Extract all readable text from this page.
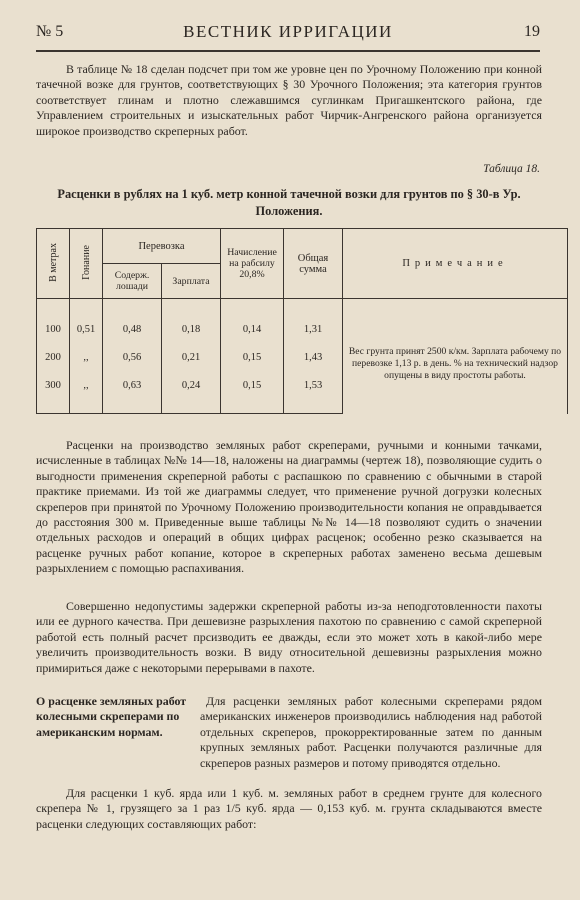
№ 5	ВЕСТНИК ИРРИГАЦИИ	19

В таблице № 18 сделан подсчет при том же уровне цен по Урочному Положению при конной тачечной возке для грунтов, соответствующих § 30 Урочного Положения; эта категория грунтов соответствует глинам и плотно слежавшимся суглинкам Пригашкентского района, где Управлением строительных и изыскательных работ Чирчик-Ангренского района организуется широкое производство скреперных работ.

Таблица 18.
Расценки в рублях на 1 куб. метр конной тачечной возки для грунтов по § 30-в Ур. Положения.
В метрах	Гонание	Перевозка		Начисление на рабсилу 20,8%	Общая сумма	Примечание
		Содерж. лошади	Зарплата			
100	0,51	0,48	0,18	0,14	1,31	Вес грунта принят 2500 к/км. Зарплата рабочему по перевозке 1,13 р. в день. % на технический надзор опущены в виду простоты работы.
200	,,	0,56	0,21	0,15	1,43	
300	,,	0,63	0,24	0,15	1,53	

Расценки на производство земляных работ скреперами, ручными и конными тачками, исчисленные в таблицах №№ 14—18, наложены на диаграммы (чертеж 18), позволяющие судить о выгодности применения скреперной работы с распашкою по сравнению с обычными в старой практике приемами. Из той же диаграммы следует, что применение ручной догрузки колесных скреперов при принятой по Урочному Положению производительности копания не оправдывается до расстояния 300 м. Приведенные выше таблицы №№ 14—18 позволяют судить о значении отдельных расходов и операций в общих цифрах расценок; особенно резко сказывается на расценке ручных работ копание, которое в скреперных работах заменено весьма дешевым разрыхлением с помощью распахивания.

Совершенно недопустимы задержки скреперной работы из-за неподготовленности пахоты или ее дурного качества. При дешевизне разрыхления пахотою по сравнению с самой скреперной работой есть полный расчет прсизводить ее дважды, если это может хоть в какой-либо мере увеличить производительность возки. В виду относительной дешевизны разрыхления можно примириться даже с некоторыми перерывами в пахоте.

О расценке земляных работ колесными скреперами по американским нормам.
Для расценки земляных работ колесными скреперами рядом американских инженеров производились наблюдения над работой отдельных скреперов, прокорректированные затем по данным крупных земляных работ. Расценки получаются различные для скреперов разных размеров и потому приводятся отдельно.

Для расценки 1 куб. ярда или 1 куб. м. земляных работ в среднем грунте для колесного скрепера № 1, грузящего за 1 раз 1/5 куб. ярда — 0,153 куб. м. грунта складываются вместе расценки следующих составляющих работ:
